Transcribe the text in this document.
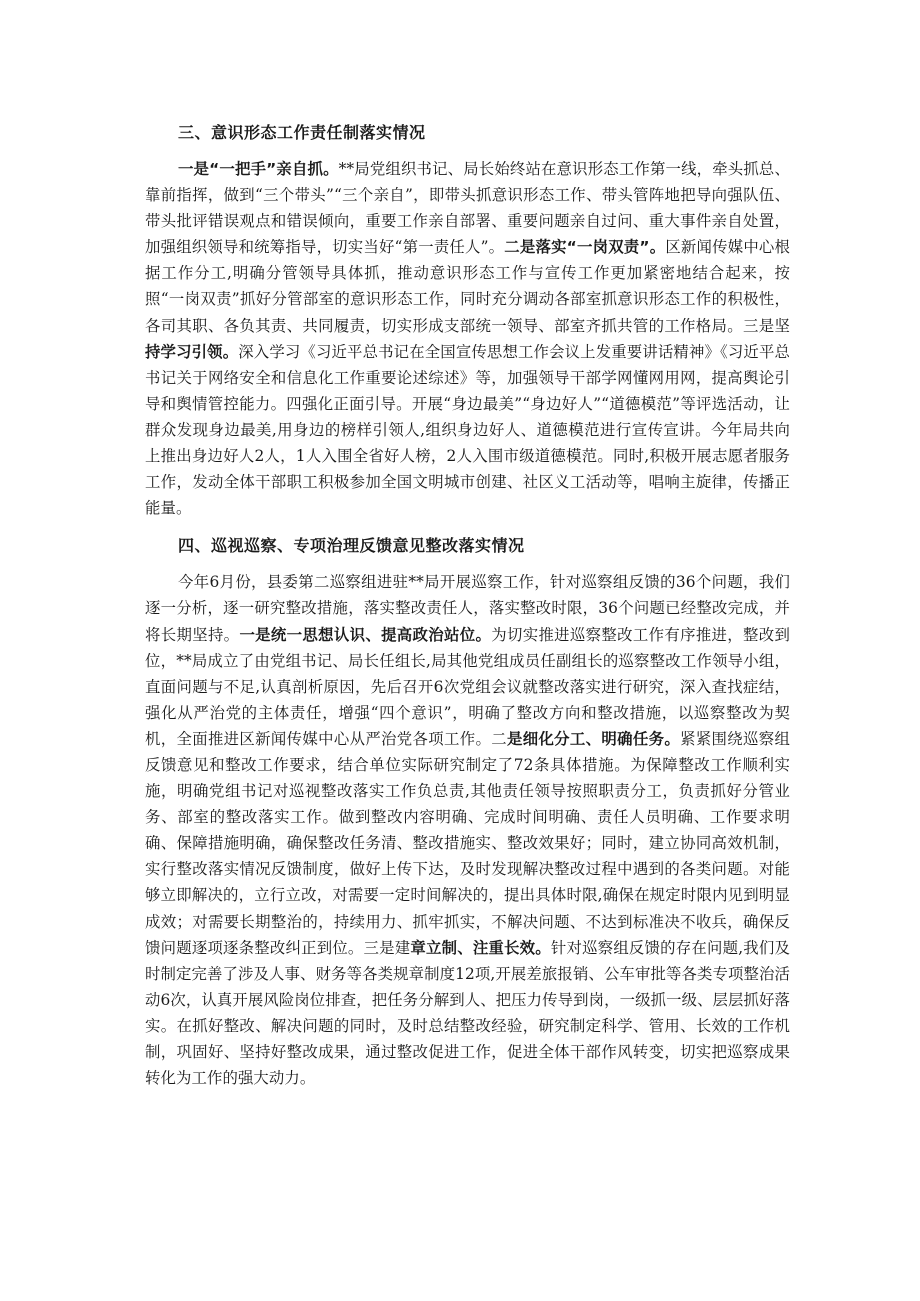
三、意识形态工作责任制落实情况

一是“一把手”亲自抓。**局党组织书记、局长始终站在意识形态工作第一线，牵头抓总、靠前指挥，做到“三个带头”“三个亲自”，即带头抓意识形态工作、带头管阵地把导向强队伍、带头批评错误观点和错误倾向，重要工作亲自部署、重要问题亲自过问、重大事件亲自处置，加强组织领导和统筹指导，切实当好“第一责任人”。二是落实“一岗双责”。区新闻传媒中心根据工作分工,明确分管领导具体抓，推动意识形态工作与宣传工作更加紧密地结合起来，按照“一岗双责”抓好分管部室的意识形态工作，同时充分调动各部室抓意识形态工作的积极性，各司其职、各负其责、共同履责，切实形成支部统一领导、部室齐抓共管的工作格局。三是坚持学习引领。深入学习《习近平总书记在全国宣传思想工作会议上发重要讲话精神》《习近平总书记关于网络安全和信息化工作重要论述综述》等，加强领导干部学网懂网用网，提高舆论引导和舆情管控能力。四强化正面引导。开展“身边最美”“身边好人”“道德模范”等评选活动，让群众发现身边最美,用身边的榜样引领人,组织身边好人、道德模范进行宣传宣讲。今年局共向上推出身边好人2人，1人入围全省好人榜，2人入围市级道德模范。同时,积极开展志愿者服务工作，发动全体干部职工积极参加全国文明城市创建、社区义工活动等，唱响主旋律，传播正能量。

四、巡视巡察、专项治理反馈意见整改落实情况

今年6月份，县委第二巡察组进驻**局开展巡察工作，针对巡察组反馈的36个问题，我们逐一分析，逐一研究整改措施，落实整改责任人，落实整改时限，36个问题已经整改完成，并将长期坚持。一是统一思想认识、提高政治站位。为切实推进巡察整改工作有序推进，整改到位，**局成立了由党组书记、局长任组长,局其他党组成员任副组长的巡察整改工作领导小组，直面问题与不足,认真剖析原因，先后召开6次党组会议就整改落实进行研究，深入查找症结，强化从严治党的主体责任，增强“四个意识”，明确了整改方向和整改措施，以巡察整改为契机，全面推进区新闻传媒中心从严治党各项工作。二是细化分工、明确任务。紧紧围绕巡察组反馈意见和整改工作要求，结合单位实际研究制定了72条具体措施。为保障整改工作顺利实施，明确党组书记对巡视整改落实工作负总责,其他责任领导按照职责分工，负责抓好分管业务、部室的整改落实工作。做到整改内容明确、完成时间明确、责任人员明确、工作要求明确、保障措施明确，确保整改任务清、整改措施实、整改效果好；同时，建立协同高效机制，实行整改落实情况反馈制度，做好上传下达，及时发现解决整改过程中遇到的各类问题。对能够立即解决的，立行立改，对需要一定时间解决的，提出具体时限,确保在规定时限内见到明显成效；对需要长期整治的，持续用力、抓牢抓实，不解决问题、不达到标准决不收兵，确保反馈问题逐项逐条整改纠正到位。三是建章立制、注重长效。针对巡察组反馈的存在问题,我们及时制定完善了涉及人事、财务等各类规章制度12项,开展差旅报销、公车审批等各类专项整治活动6次，认真开展风险岗位排查，把任务分解到人、把压力传导到岗，一级抓一级、层层抓好落实。在抓好整改、解决问题的同时，及时总结整改经验，研究制定科学、管用、长效的工作机制，巩固好、坚持好整改成果，通过整改促进工作，促进全体干部作风转变，切实把巡察成果转化为工作的强大动力。
